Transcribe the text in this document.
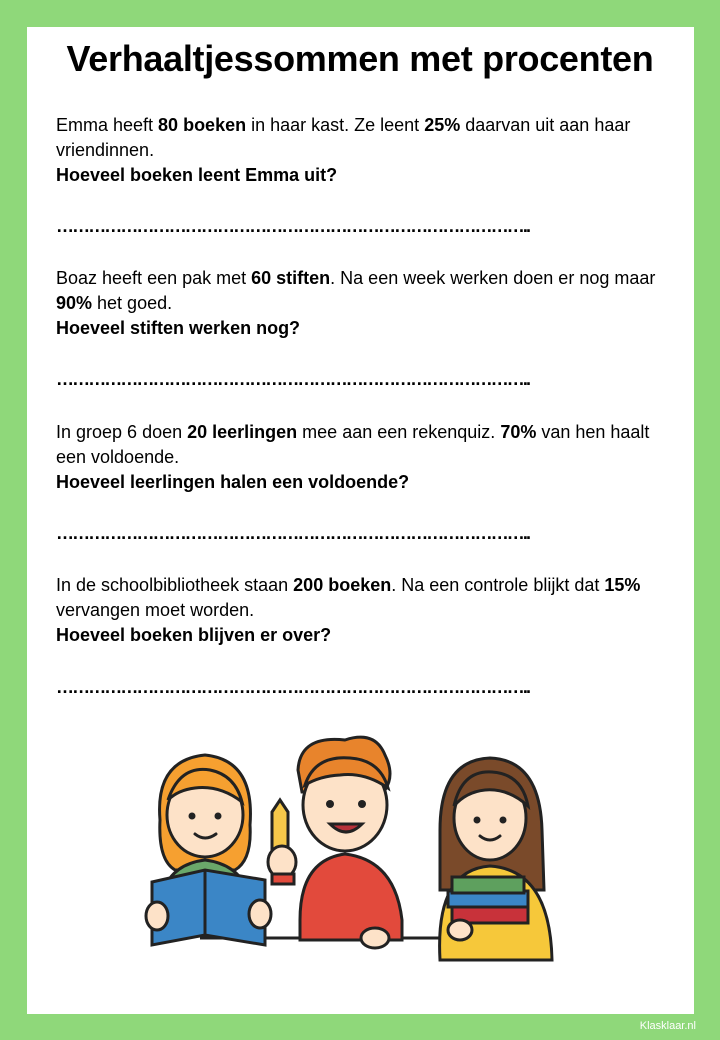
Verhaaltjessommen met procenten

Emma heeft 80 boeken in haar kast. Ze leent 25% daarvan uit aan haar vriendinnen.

Hoeveel boeken leent Emma uit?

……………………………………………………………………………..

Boaz heeft een pak met 60 stiften. Na een week werken doen er nog maar 90% het goed.

Hoeveel stiften werken nog?

……………………………………………………………………………..

In groep 6 doen 20 leerlingen mee aan een rekenquiz. 70% van hen haalt een voldoende.

Hoeveel leerlingen halen een voldoende?

……………………………………………………………………………..

In de schoolbibliotheek staan 200 boeken. Na een controle blijkt dat 15% vervangen moet worden.

Hoeveel boeken blijven er over?

……………………………………………………………………………..
Klasklaar.nl
